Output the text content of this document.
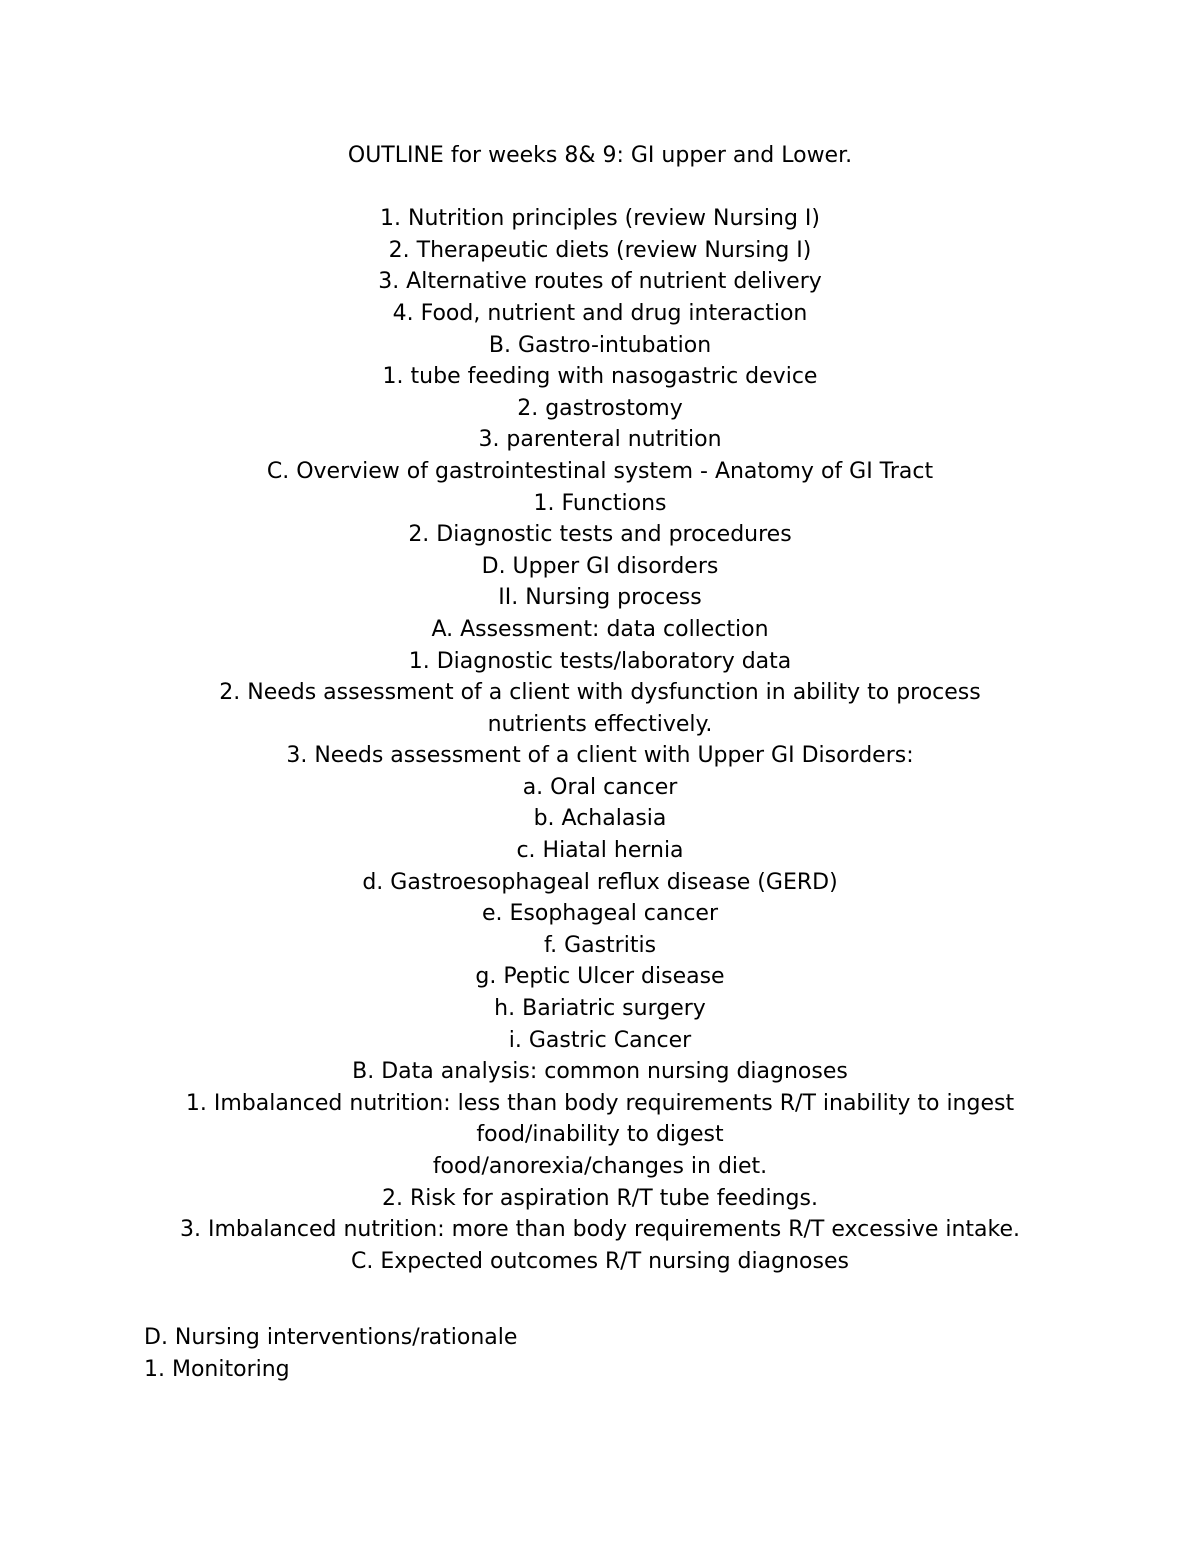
OUTLINE for weeks 8& 9: GI upper and Lower.
1. Nutrition principles (review Nursing I)
2. Therapeutic diets (review Nursing I)
3. Alternative routes of nutrient delivery
4. Food, nutrient and drug interaction
B. Gastro-intubation
1. tube feeding with nasogastric device
2. gastrostomy
3. parenteral nutrition
C. Overview of gastrointestinal system - Anatomy of GI Tract
1. Functions
2. Diagnostic tests and procedures
D. Upper GI disorders
II. Nursing process
A. Assessment: data collection
1. Diagnostic tests/laboratory data
2. Needs assessment of a client with dysfunction in ability to process
nutrients effectively.
3. Needs assessment of a client with Upper GI Disorders:
a. Oral cancer
b. Achalasia
c. Hiatal hernia
d. Gastroesophageal reflux disease (GERD)
e. Esophageal cancer
f. Gastritis
g. Peptic Ulcer disease
h. Bariatric surgery
i. Gastric Cancer
B. Data analysis: common nursing diagnoses
1. Imbalanced nutrition: less than body requirements R/T inability to ingest
food/inability to digest
food/anorexia/changes in diet.
2. Risk for aspiration R/T tube feedings.
3. Imbalanced nutrition: more than body requirements R/T excessive intake.
C. Expected outcomes R/T nursing diagnoses
D. Nursing interventions/rationale
1. Monitoring
